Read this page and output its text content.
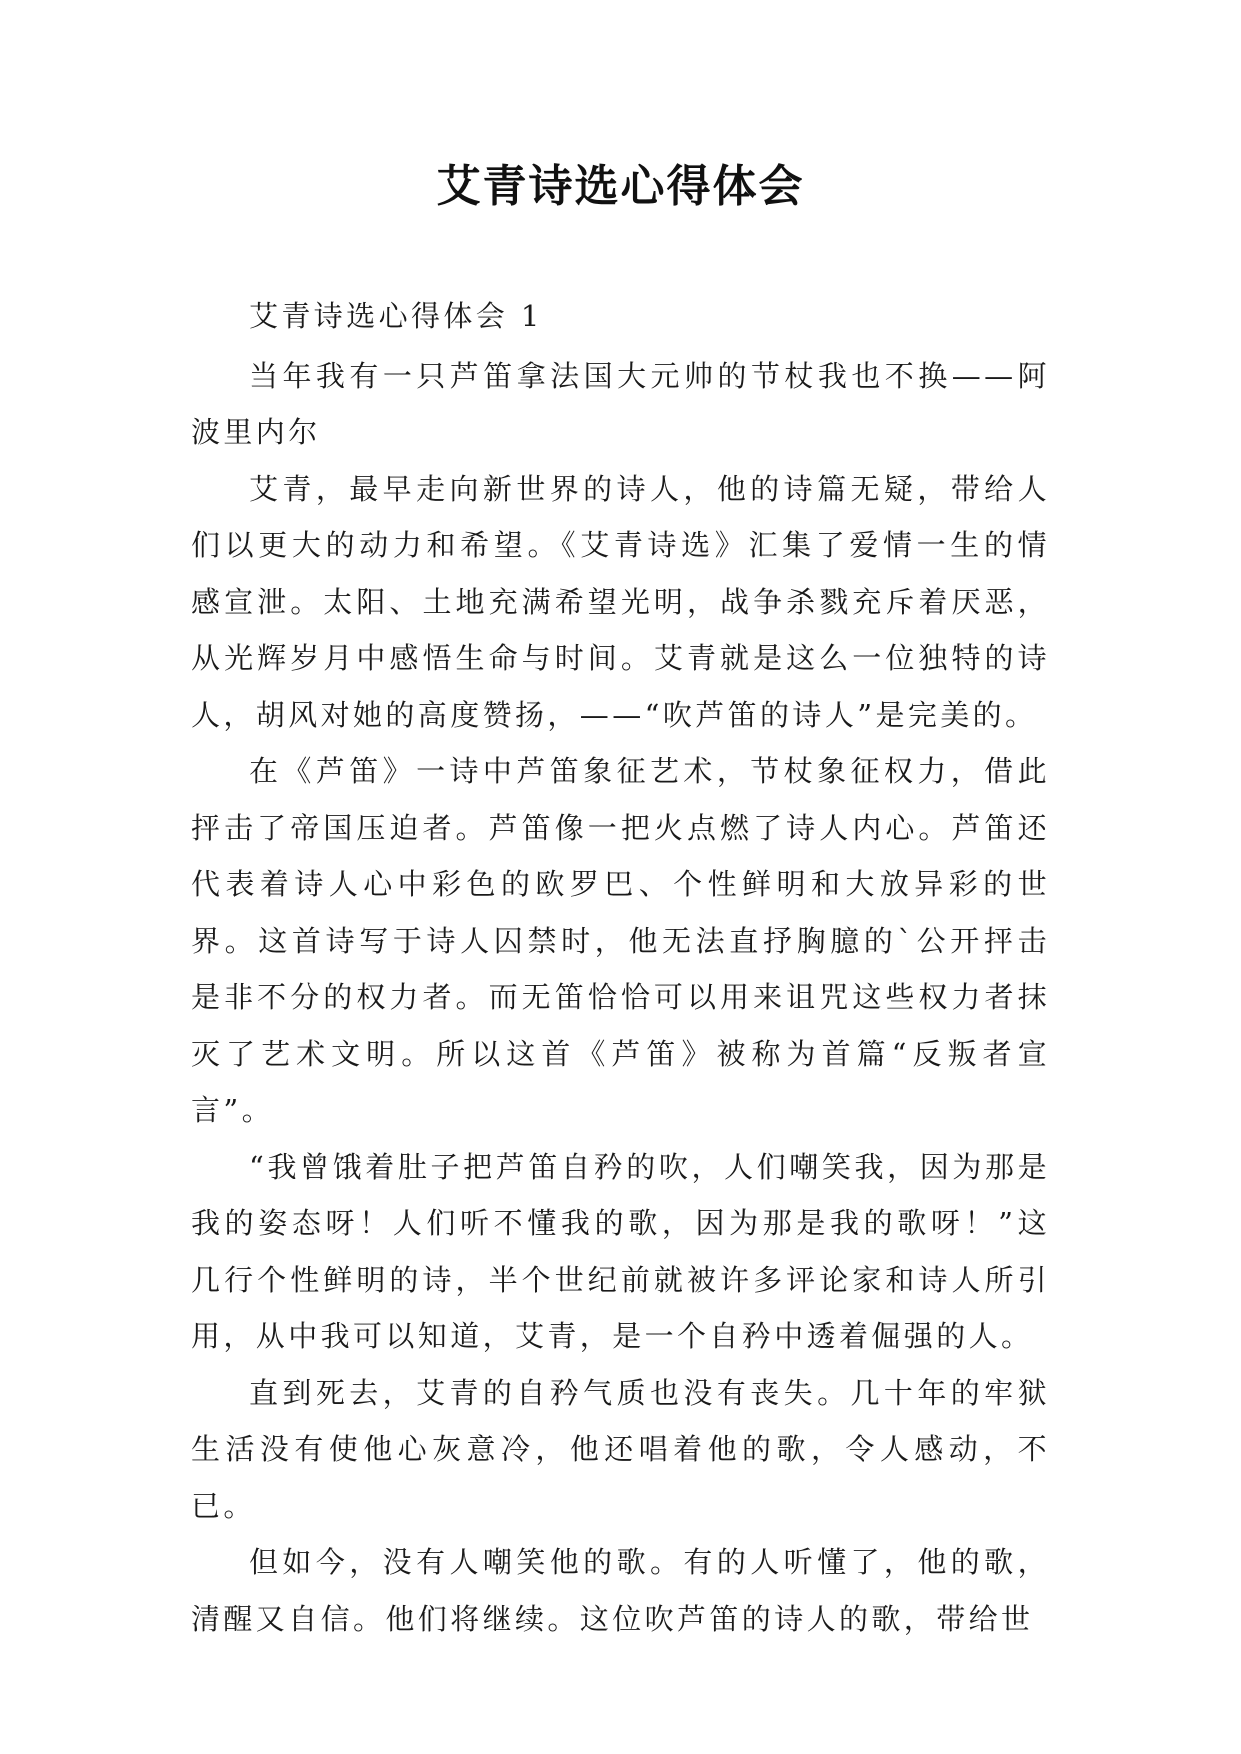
艾青诗选心得体会

艾青诗选心得体会 1

当年我有一只芦笛拿法国大元帅的节杖我也不换——阿波里内尔

艾青，最早走向新世界的诗人，他的诗篇无疑，带给人们以更大的动力和希望。《艾青诗选》汇集了爱情一生的情感宣泄。太阳、土地充满希望光明，战争杀戮充斥着厌恶，从光辉岁月中感悟生命与时间。艾青就是这么一位独特的诗人，胡风对她的高度赞扬，——“吹芦笛的诗人”是完美的。

在《芦笛》一诗中芦笛象征艺术，节杖象征权力，借此抨击了帝国压迫者。芦笛像一把火点燃了诗人内心。芦笛还代表着诗人心中彩色的欧罗巴、个性鲜明和大放异彩的世界。这首诗写于诗人囚禁时，他无法直抒胸臆的`公开抨击是非不分的权力者。而无笛恰恰可以用来诅咒这些权力者抹灭了艺术文明。所以这首《芦笛》被称为首篇“反叛者宣言”。

“我曾饿着肚子把芦笛自矜的吹，人们嘲笑我，因为那是我的姿态呀！人们听不懂我的歌，因为那是我的歌呀！”这几行个性鲜明的诗，半个世纪前就被许多评论家和诗人所引用，从中我可以知道，艾青，是一个自矜中透着倔强的人。

直到死去，艾青的自矜气质也没有丧失。几十年的牢狱生活没有使他心灰意冷，他还唱着他的歌，令人感动，不已。

但如今，没有人嘲笑他的歌。有的人听懂了，他的歌，清醒又自信。他们将继续。这位吹芦笛的诗人的歌，带给世
